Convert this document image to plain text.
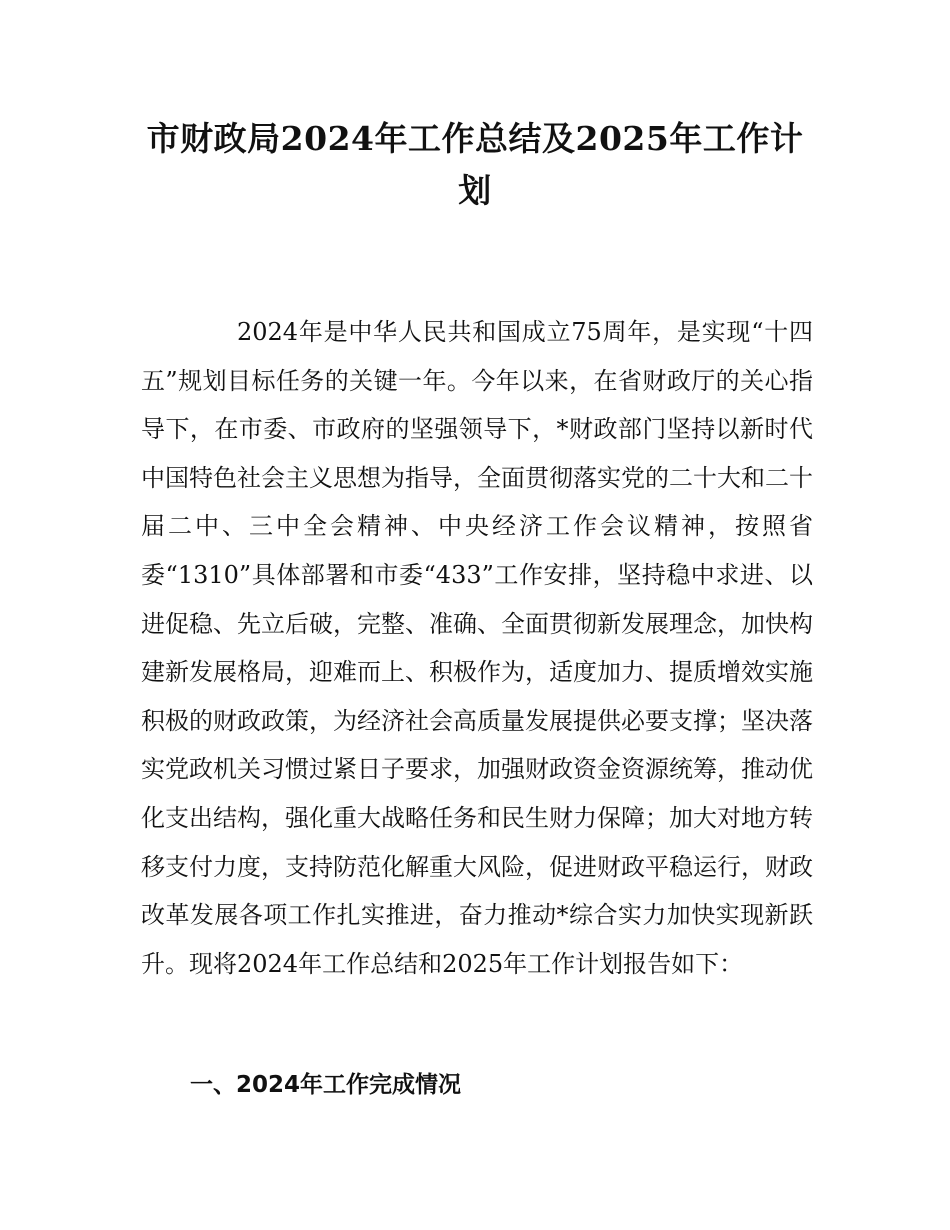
市财政局2024年工作总结及2025年工作计划

2024年是中华人民共和国成立75周年，是实现“十四五”规划目标任务的关键一年。今年以来，在省财政厅的关心指导下，在市委、市政府的坚强领导下，*财政部门坚持以新时代中国特色社会主义思想为指导，全面贯彻落实党的二十大和二十届二中、三中全会精神、中央经济工作会议精神，按照省委“1310”具体部署和市委“433”工作安排，坚持稳中求进、以进促稳、先立后破，完整、准确、全面贯彻新发展理念，加快构建新发展格局，迎难而上、积极作为，适度加力、提质增效实施积极的财政政策，为经济社会高质量发展提供必要支撑；坚决落实党政机关习惯过紧日子要求，加强财政资金资源统筹，推动优化支出结构，强化重大战略任务和民生财力保障；加大对地方转移支付力度，支持防范化解重大风险，促进财政平稳运行，财政改革发展各项工作扎实推进，奋力推动*综合实力加快实现新跃升。现将2024年工作总结和2025年工作计划报告如下：

一、2024年工作完成情况
